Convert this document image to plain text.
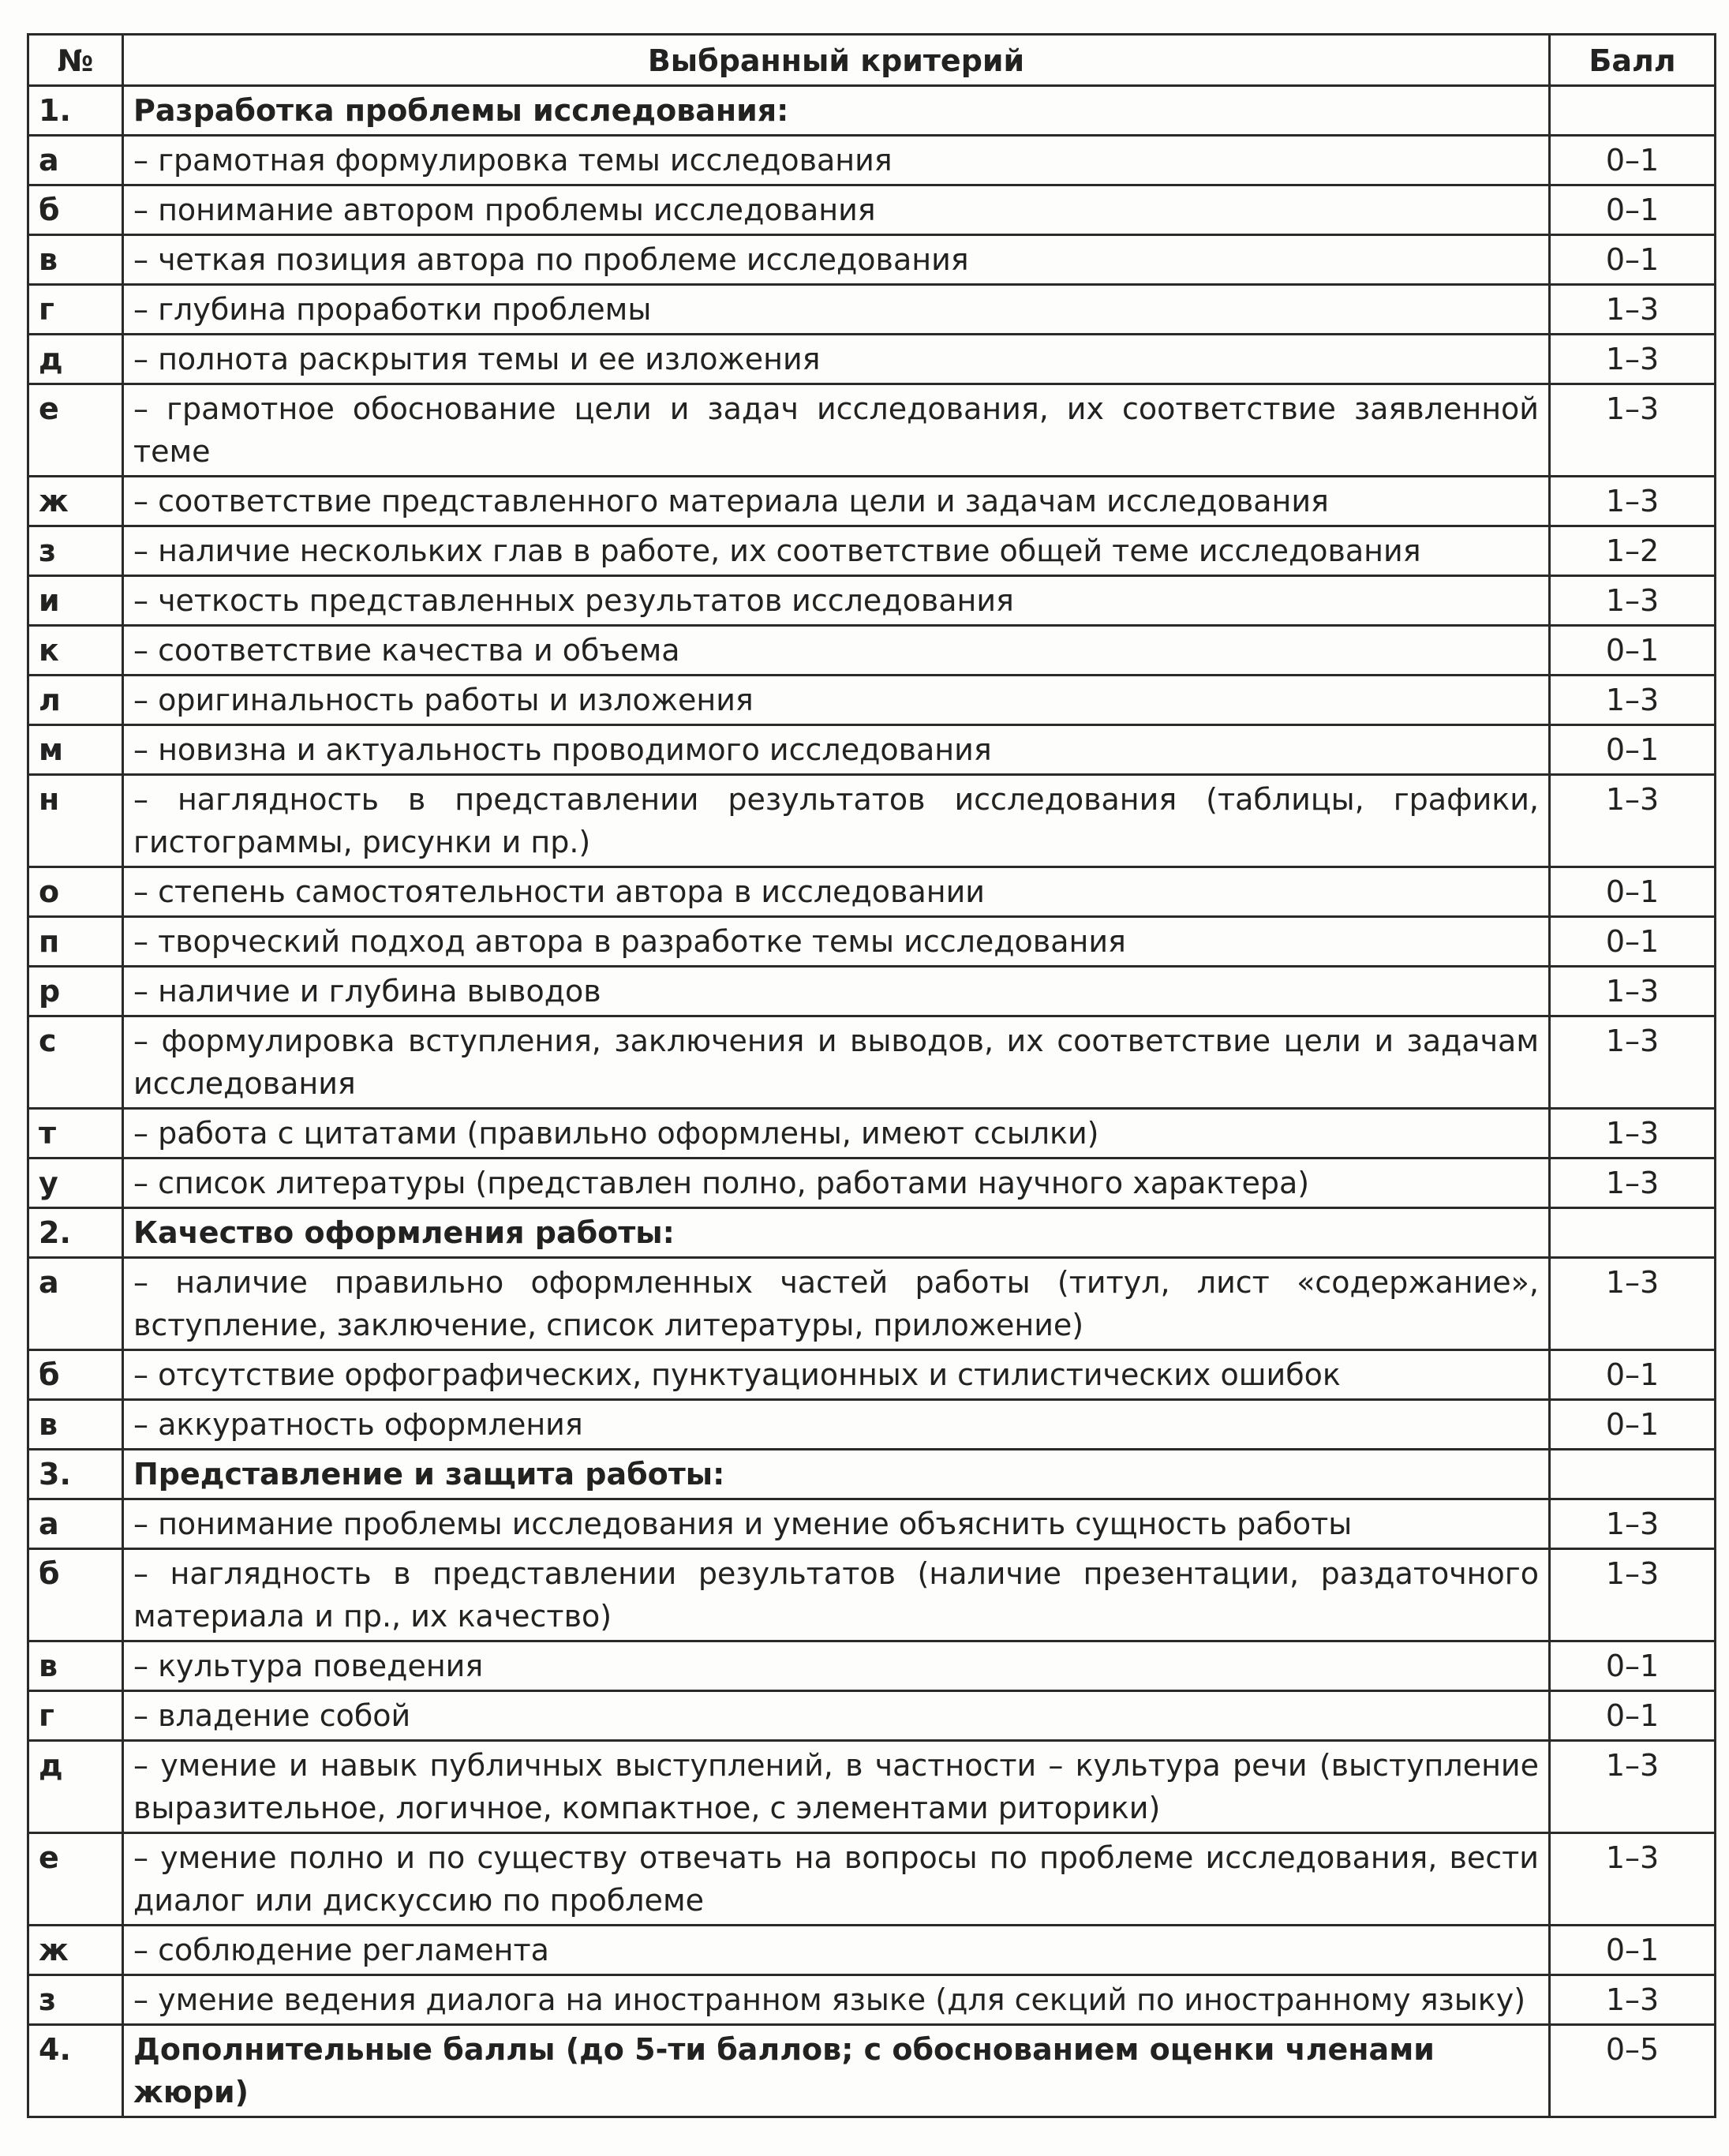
№	Выбранный критерий	Балл
1.	Разработка проблемы исследования:	
а	– грамотная формулировка темы исследования	0–1
б	– понимание автором проблемы исследования	0–1
в	– четкая позиция автора по проблеме исследования	0–1
г	– глубина проработки проблемы	1–3
д	– полнота раскрытия темы и ее изложения	1–3
е	– грамотное обоснование цели и задач исследования, их соответствие заявленной теме	1–3
ж	– соответствие представленного материала цели и задачам исследования	1–3
з	– наличие нескольких глав в работе, их соответствие общей теме исследования	1–2
и	– четкость представленных результатов исследования	1–3
к	– соответствие качества и объема	0–1
л	– оригинальность работы и изложения	1–3
м	– новизна и актуальность проводимого исследования	0–1
н	– наглядность в представлении результатов исследования (таблицы, графики, гистограммы, рисунки и пр.)	1–3
о	– степень самостоятельности автора в исследовании	0–1
п	– творческий подход автора в разработке темы исследования	0–1
р	– наличие и глубина выводов	1–3
с	– формулировка вступления, заключения и выводов, их соответствие цели и задачам исследования	1–3
т	– работа с цитатами (правильно оформлены, имеют ссылки)	1–3
у	– список литературы (представлен полно, работами научного характера)	1–3
2.	Качество оформления работы:	
а	– наличие правильно оформленных частей работы (титул, лист «содержание», вступление, заключение, список литературы, приложение)	1–3
б	– отсутствие орфографических, пунктуационных и стилистических ошибок	0–1
в	– аккуратность оформления	0–1
3.	Представление и защита работы:	
а	– понимание проблемы исследования и умение объяснить сущность работы	1–3
б	– наглядность в представлении результатов (наличие презентации, раздаточного материала и пр., их качество)	1–3
в	– культура поведения	0–1
г	– владение собой	0–1
д	– умение и навык публичных выступлений, в частности – культура речи (выступление выразительное, логичное, компактное, с элементами риторики)	1–3
е	– умение полно и по существу отвечать на вопросы по проблеме исследования, вести диалог или дискуссию по проблеме	1–3
ж	– соблюдение регламента	0–1
з	– умение ведения диалога на иностранном языке (для секций по иностранному языку)	1–3
4.	Дополнительные баллы (до 5-ти баллов; с обоснованием оценки членами жюри)	0–5
